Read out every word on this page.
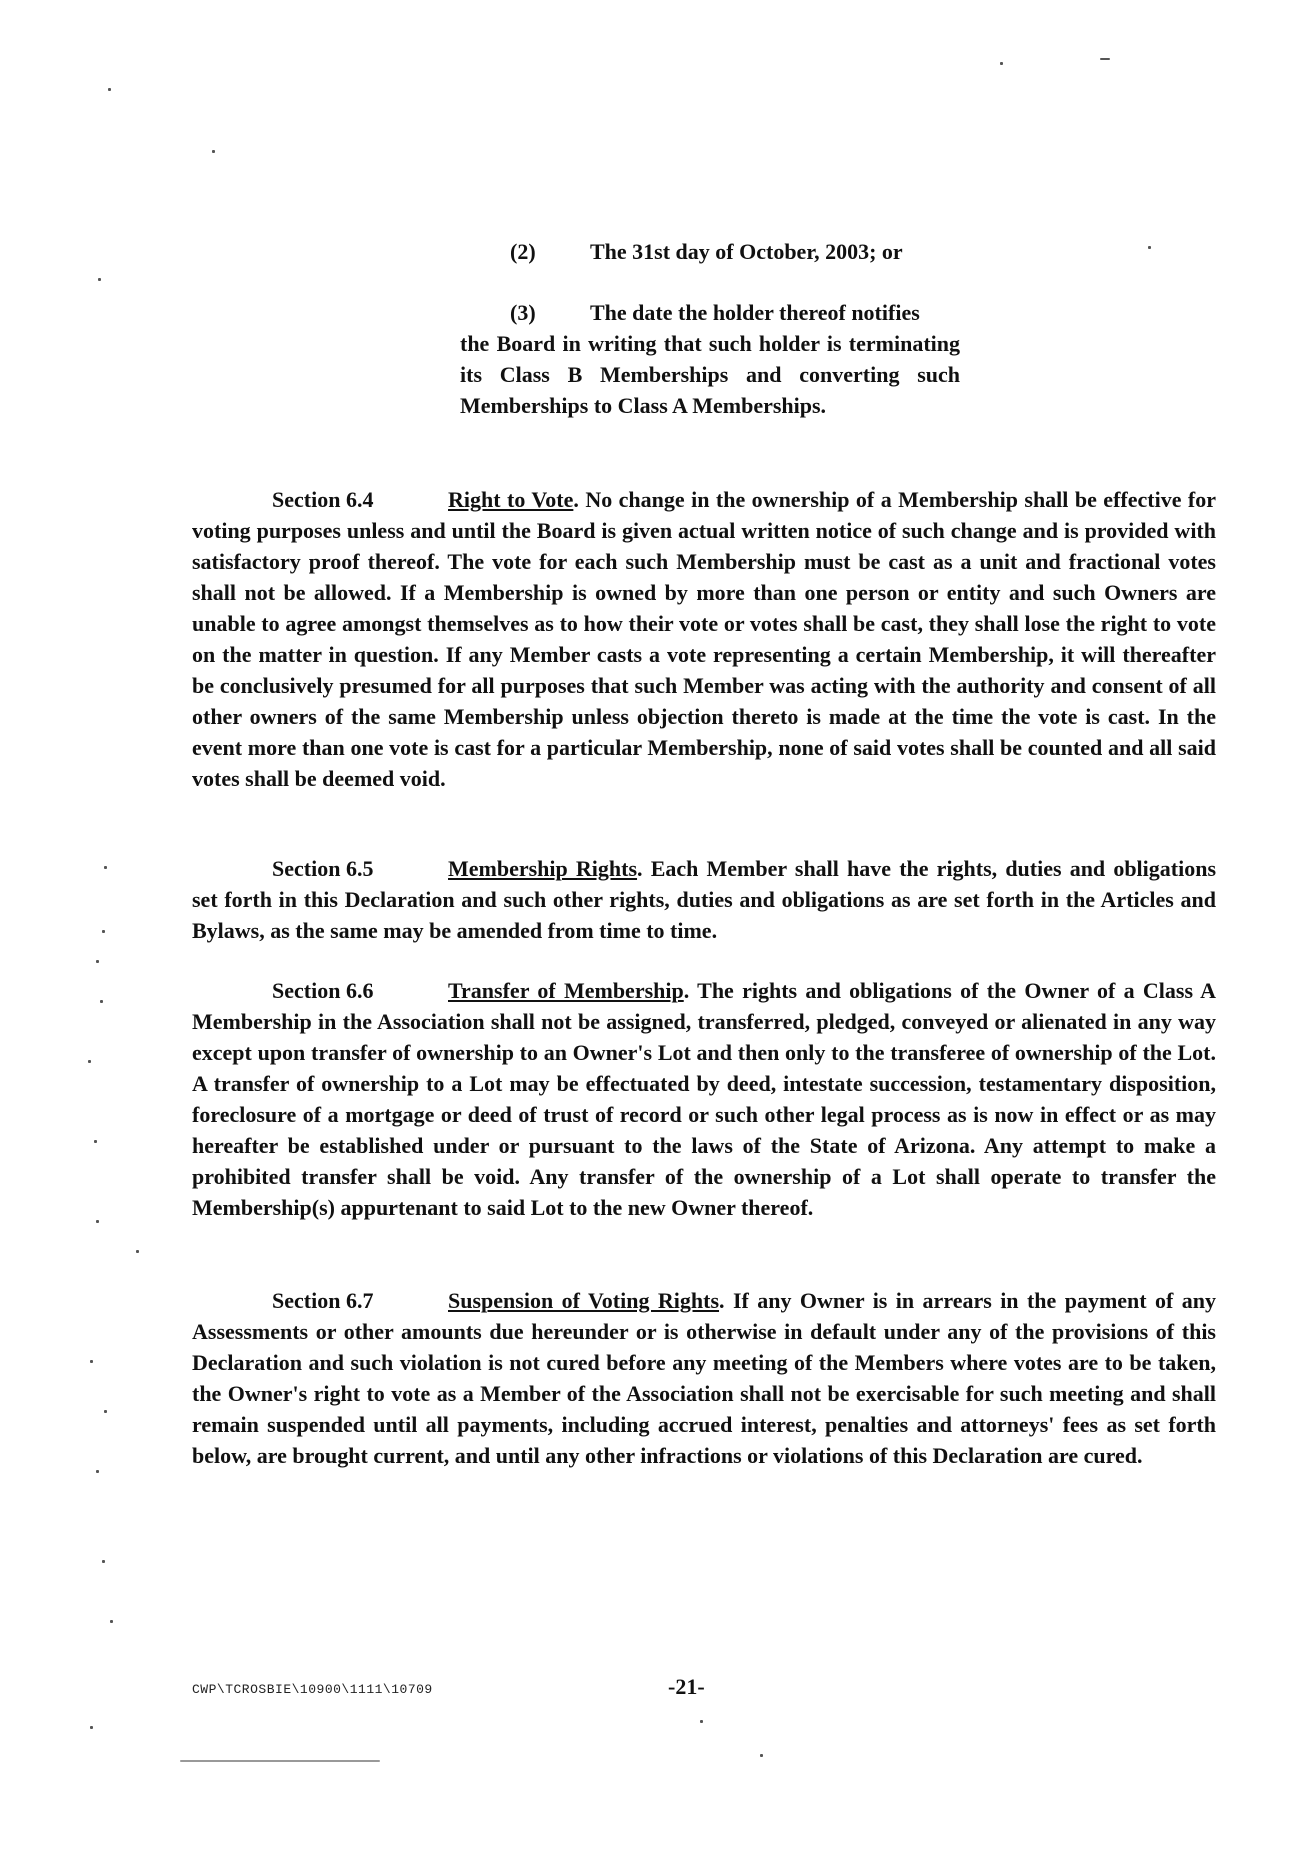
(2) The 31st day of October, 2003; or
(3) The date the holder thereof notifies
the Board in writing that such holder is terminating its Class B Memberships and converting such Memberships to Class A Memberships.
Section 6.4	Right to Vote. No change in the ownership of a Membership shall be effective for voting purposes unless and until the Board is given actual written notice of such change and is provided with satisfactory proof thereof. The vote for each such Membership must be cast as a unit and fractional votes shall not be allowed. If a Membership is owned by more than one person or entity and such Owners are unable to agree amongst themselves as to how their vote or votes shall be cast, they shall lose the right to vote on the matter in question. If any Member casts a vote representing a certain Membership, it will thereafter be conclusively presumed for all purposes that such Member was acting with the authority and consent of all other owners of the same Membership unless objection thereto is made at the time the vote is cast. In the event more than one vote is cast for a particular Membership, none of said votes shall be counted and all said votes shall be deemed void.
Section 6.5	Membership Rights. Each Member shall have the rights, duties and obligations set forth in this Declaration and such other rights, duties and obligations as are set forth in the Articles and Bylaws, as the same may be amended from time to time.
Section 6.6	Transfer of Membership. The rights and obligations of the Owner of a Class A Membership in the Association shall not be assigned, transferred, pledged, conveyed or alienated in any way except upon transfer of ownership to an Owner's Lot and then only to the transferee of ownership of the Lot. A transfer of ownership to a Lot may be effectuated by deed, intestate succession, testamentary disposition, foreclosure of a mortgage or deed of trust of record or such other legal process as is now in effect or as may hereafter be established under or pursuant to the laws of the State of Arizona. Any attempt to make a prohibited transfer shall be void. Any transfer of the ownership of a Lot shall operate to transfer the Membership(s) appurtenant to said Lot to the new Owner thereof.
Section 6.7	Suspension of Voting Rights. If any Owner is in arrears in the payment of any Assessments or other amounts due hereunder or is otherwise in default under any of the provisions of this Declaration and such violation is not cured before any meeting of the Members where votes are to be taken, the Owner's right to vote as a Member of the Association shall not be exercisable for such meeting and shall remain suspended until all payments, including accrued interest, penalties and attorneys' fees as set forth below, are brought current, and until any other infractions or violations of this Declaration are cured.
CWP\TCROSBIE\10900\1111\10709	-21-
